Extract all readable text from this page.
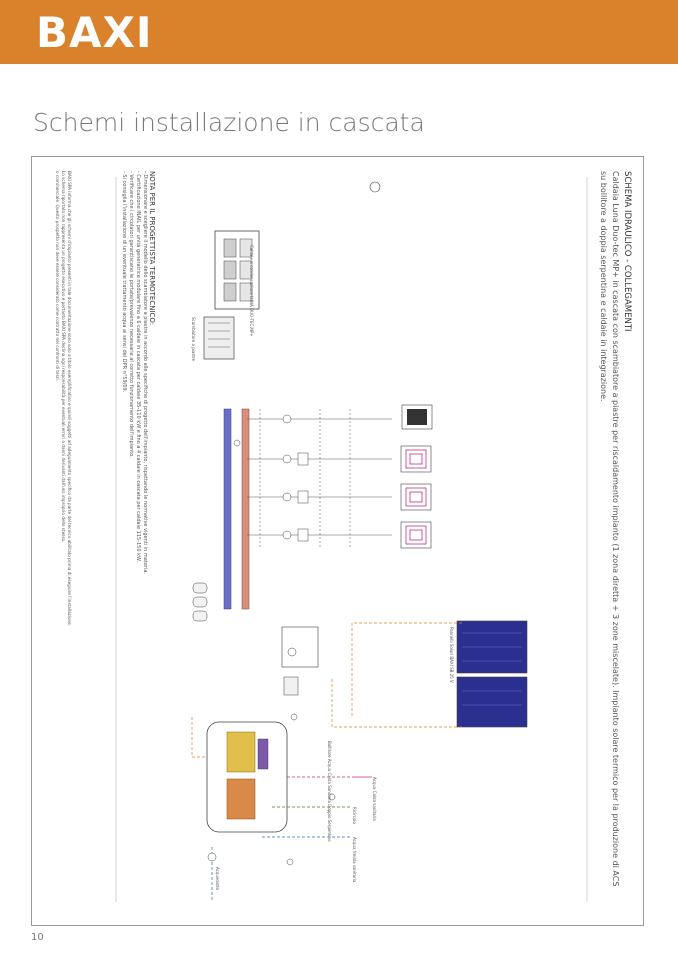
BAXI
Schemi installazione in cascata
SCHEMA IDRAULICO - COLLEGAMENTI
Caldaia Luna Duo-tec MP+ in cascata con scambiatore a piastre per riscaldamento impianto (1 zona diretta + 3 zone miscelate). Impianto solare termico per la produzione di ACS
su bollitore a doppia serpentina e caldaie in integrazione.
NOTA PER IL PROGETTISTA TERMOTECNICO:
- Dimensionare e scegliere il modello dello scambiatore a piastre in accordo alle specifiche di progetto dell'impianto, rispettando le normative vigenti in materia.
- Certificazione INAIL per unità generatrice modulare fino a 6 caldaie in cascata per caldaie 35-110 kW e fino a 4 caldaie in cascata per caldaie 115-150 kW.
- Verificare che i circolatori garantiscano le portate/prevalenze necessarie al corretto funzionamento dell'impianto.
- Si consiglia l'installazione di un eventuale trattamento acqua ai sensi del DPR n°59/09.
BAXI SPA informa che gli schemi d'impianto presenti in tale documentazione sono solo a titolo esemplificativo e quindi soggetti ad adeguamento specifico da parte del tecnico abilitato prima di eseguire l'installazione.
Lo schema riportato non rappresenta un progetto esecutivo e pertanto BAXI SPA declina ogni responsabilità per eventuali errori o danni derivanti dall'uso improprio dello stesso.
o commerciale. Questo prospetto non deve essere considerato come contratto nei confronti di terzi.	Caldaie a condensazione LUNA DUO-TEC MP+
Scambiatore a piastre
Pannelli Solari BAXI SB 25 V
Bollitore Acqua Calda Sanitaria Doppio Serpentino	Acqua Calda sanitaria
Ricircolo
Acqua fredda sanitaria
Acquedotto
10
